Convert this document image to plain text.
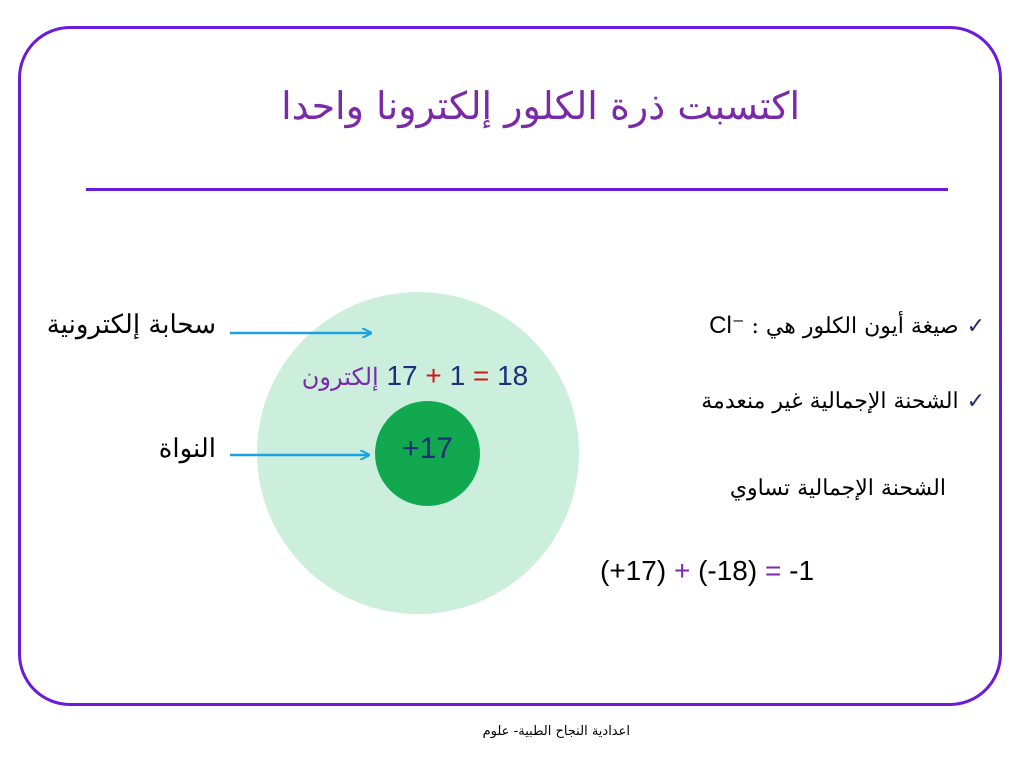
اكتسبت ذرة الكلور إلكترونا واحدا
+17
18 = 1 + 17 إلكترون
سحابة إلكترونية
النواة
✓صيغة أيون الكلور هي : Cl⁻
✓الشحنة الإجمالية غير منعدمة
الشحنة الإجمالية تساوي
(+17) + (-18) = -1
اعدادية النجاح الطبية- علوم
